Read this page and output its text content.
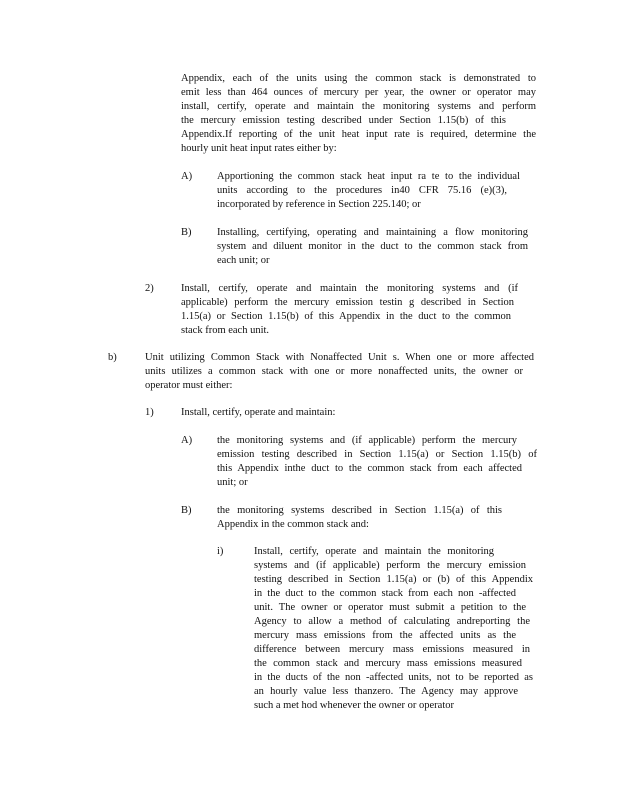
Appendix, each of the units using the common stack is demonstrated to
emit less than 464 ounces of mercury per year, the owner or operator may
install, certify, operate and maintain the monitoring systems and perform
the mercury emission testing described under Section 1.15(b) of this
Appendix.If reporting of the unit heat input rate is required, determine the
hourly unit heat input rates either by:
A) Apportioning the common stack heat input ra te to the individual
units according to the procedures in40 CFR 75.16 (e)(3),
incorporated by reference in Section 225.140; or
B) Installing, certifying, operating and maintaining a flow monitoring
system and diluent monitor in the duct to the common stack from
each unit; or
2)	Install, certify, operate and maintain the monitoring systems and (if
applicable) perform the mercury emission testin g described in Section
1.15(a) or Section 1.15(b) of this Appendix in the duct to the common
stack from each unit.
b)	Unit utilizing Common Stack with Nonaffected Unit s. When one or more affected
units utilizes a common stack with one or more nonaffected units, the owner or
operator must either:
1)	Install, certify, operate and maintain:
A) the monitoring systems and (if applicable) perform the mercury
emission testing described in Section 1.15(a) or Section 1.15(b) of
this Appendix inthe duct to the common stack from each affected
unit; or
B) the monitoring systems described in Section 1.15(a) of this
Appendix in the common stack and:
i)	Install, certify, operate and maintain the monitoring
systems and (if applicable) perform the mercury emission
testing described in Section 1.15(a) or (b) of this Appendix
in the duct to the common stack from each non -affected
unit. The owner or operator must submit a petition to the
Agency to allow a method of calculating andreporting the
mercury mass emissions from the affected units as the
difference between mercury mass emissions measured in
the common stack and mercury mass emissions measured
in the ducts of the non -affected units, not to be reported as
an hourly value less thanzero. The Agency may approve
such a met hod whenever the owner or operator
